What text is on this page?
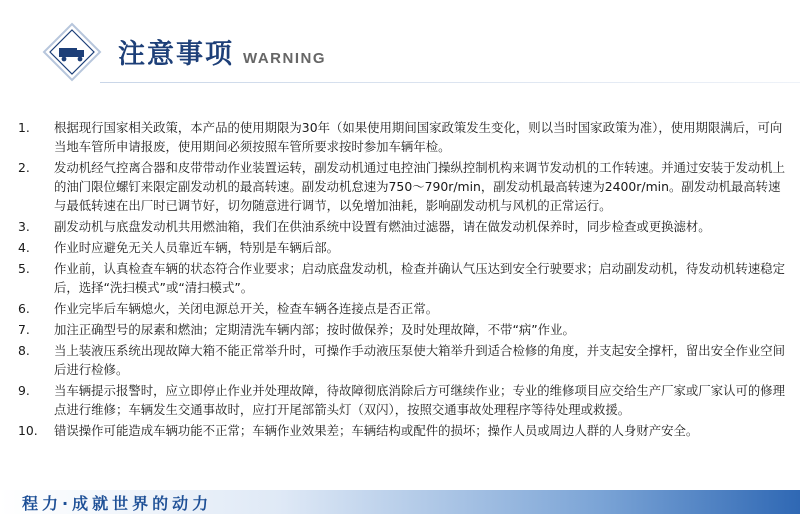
注意事项 WARNING
1.	根据现行国家相关政策，本产品的使用期限为30年（如果使用期间国家政策发生变化，则以当时国家政策为准），使用期限满后，可向当地车管所申请报废，使用期间必须按照车管所要求按时参加车辆年检。
2.	发动机经气控离合器和皮带带动作业装置运转，副发动机通过电控油门操纵控制机构来调节发动机的工作转速。并通过安装于发动机上的油门限位螺钉来限定副发动机的最高转速。副发动机怠速为750～790r/min，副发动机最高转速为2400r/min。副发动机最高转速与最低转速在出厂时已调节好，切勿随意进行调节，以免增加油耗，影响副发动机与风机的正常运行。
3.	副发动机与底盘发动机共用燃油箱，我们在供油系统中设置有燃油过滤器，请在做发动机保养时，同步检查或更换滤材。
4.	作业时应避免无关人员靠近车辆，特别是车辆后部。
5.	作业前，认真检查车辆的状态符合作业要求；启动底盘发动机，检查并确认气压达到安全行驶要求；启动副发动机，待发动机转速稳定后，选择“洗扫模式”或“清扫模式”。
6.	作业完毕后车辆熄火，关闭电源总开关，检查车辆各连接点是否正常。
7.	加注正确型号的尿素和燃油；定期清洗车辆内部；按时做保养；及时处理故障，不带“病”作业。
8.	当上装液压系统出现故障大箱不能正常举升时，可操作手动液压泵使大箱举升到适合检修的角度，并支起安全撑杆，留出安全作业空间后进行检修。
9.	当车辆提示报警时，应立即停止作业并处理故障，待故障彻底消除后方可继续作业；专业的维修项目应交给生产厂家或厂家认可的修理点进行维修；车辆发生交通事故时，应打开尾部箭头灯（双闪），按照交通事故处理程序等待处理或救援。
10.	错误操作可能造成车辆功能不正常；车辆作业效果差；车辆结构或配件的损坏；操作人员或周边人群的人身财产安全。
程力·成就世界的动力
